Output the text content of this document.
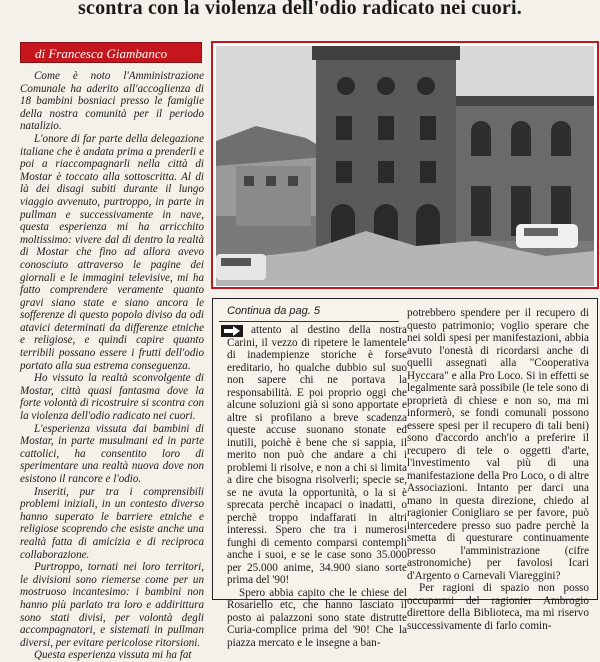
scontra con la violenza dell'odio radicato nei cuori.
di Francesca Giambanco

Come è noto l'Amministrazione Comunale ha aderito all'accoglienza di 18 bambini bosniaci presso le famiglie della nostra comunità per il periodo natalizio.

L'onore di far parte della delegazione italiane che è andata prima a prenderli e poi a riaccompagnarli nella città di Mostar è toccato alla sottoscritta. Al di là dei disagi subiti durante il lungo viaggio avvenuto, purtroppo, in parte in pullman e successivamente in nave, questa esperienza mi ha arricchito moltissimo: vivere dal di dentro la realtà di Mostar che fino ad allora avevo conosciuto attraverso le pagine dei giornali e le immagini televisive, mi ha fatto comprendere veramente quanto gravi siano state e siano ancora le sofferenze di questo popolo diviso da odi atavici determinati da differenze etniche e religiose, e quindi capire quanto terribili possano essere i frutti dell'odio portato alla sua estrema conseguenza.

Ho vissuto la realtà sconvolgente di Mostar, città quasi fantasma dove la forte volontà di ricostruire si scontra con la violenza dell'odio radicato nei cuori.

L'esperienza vissuta dai bambini di Mostar, in parte musulmani ed in parte cattolici, ha consentito loro di sperimentare una realtà nuova dove non esistono il rancore e l'odio.

Inseriti, pur tra i comprensibili problemi iniziali, in un contesto diverso hanno superato le barriere etniche e religiose scoprendo che esiste anche una realtà fatta di amicizia e di reciproca collaborazione.

Purtroppo, tornati nei loro territori, le divisioni sono riemerse come per un mostruoso incantesimo: i bambini non hanno più parlato tra loro e addirittura sono stati divisi, per volontà degli accompagnatori, e sistemati in pullman diversi, per evitare pericolose ritorsioni.

Questa esperienza vissuta mi ha fat

Continua da pag. 5

attento al destino della nostra Carini, il vezzo di ripetere le lamentele di inadempienze storiche è forse ereditario, ho qualche dubbio sul suo non sapere chi ne portava la responsabilità. E poi proprio oggi che alcune soluzioni già si sono apportate e altre si profilano a breve scadenza queste accuse suonano stonate ed inutili, poichè è bene che si sappia, il merito non può che andare a chi i problemi li risolve, e non a chi si limita a dire che bisogna risolverli; specie se, se ne avuta la opportunità, o la si è sprecata perchè incapaci o inadatti, o perchè troppo indaffarati in altri interessi. Spero che tra i numerosi funghi di cemento comparsi contempli anche i suoi, e se le case sono 35.000 per 25.000 anime, 34.900 siano sorte prima del '90!

Spero abbia capito che le chiese del Rosariello etc, che hanno lasciato il posto ai palazzoni sono state distrutte Curia-complice prima del '90! Che la piazza mercato e le insegne a ban-

potrebbero spendere per il recupero di questo patrimonio; voglio sperare che nei soldi spesi per manifestazioni, abbia avuto l'onestà di ricordarsi anche di quelli assegnati alla "Cooperativa Hyccara" e alla Pro Loco. Si in effetti se legalmente sarà possibile (le tele sono di proprietà di chiese e non so, ma mi informerò, se fondi comunali possono essere spesi per il recupero di tali beni) sono d'accordo anch'io a preferire il recupero di tele o oggetti d'arte, l'investimento val più di una manifestazione della Pro Loco, o di altre Associazioni. Intanto per darci una mano in questa direzione, chiedo al ragionier Conigliaro se per favore, può intercedere presso suo padre perchè la smetta di questurare continuamente presso l'amministrazione (cifre astronomiche) per favolosi Icari d'Argento o Carnevali Viareggini?

Per ragioni di spazio non posso occuparmi del ragionier Ambrogio direttore della Biblioteca, ma mi riservo successivamente di farlo comin-
